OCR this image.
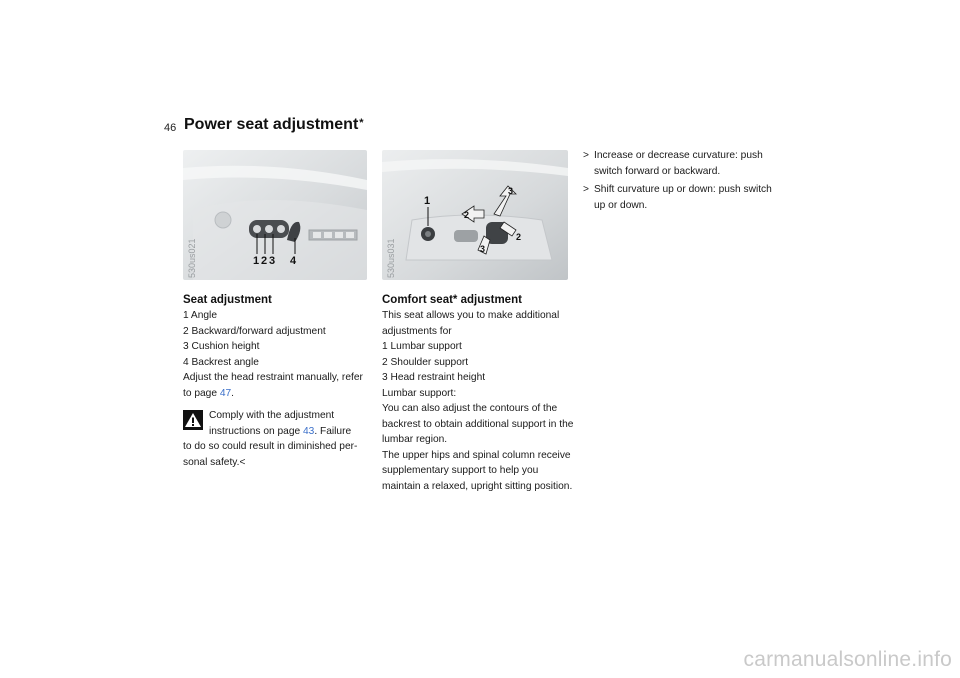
46 Power seat adjustment*
1 2 3 4
530us021
1
2
3
3
2
530us031
Seat adjustment

1 Angle

2 Backward/forward adjustment

3 Cushion height

4 Backrest angle

Adjust the head restraint manually, refer to page 47.

Comply with the adjustment instructions on page 43. Failure

to do so could result in diminished per-sonal safety.<

Comfort seat* adjustment

This seat allows you to make additional adjustments for

1 Lumbar support

2 Shoulder support

3 Head restraint height

Lumbar support:

You can also adjust the contours of the backrest to obtain additional support in the lumbar region.

The upper hips and spinal column receive supplementary support to help you maintain a relaxed, upright sitting position.

> Increase or decrease curvature: push switch forward or backward.

> Shift curvature up or down: push switch up or down.

carmanualsonline.info
